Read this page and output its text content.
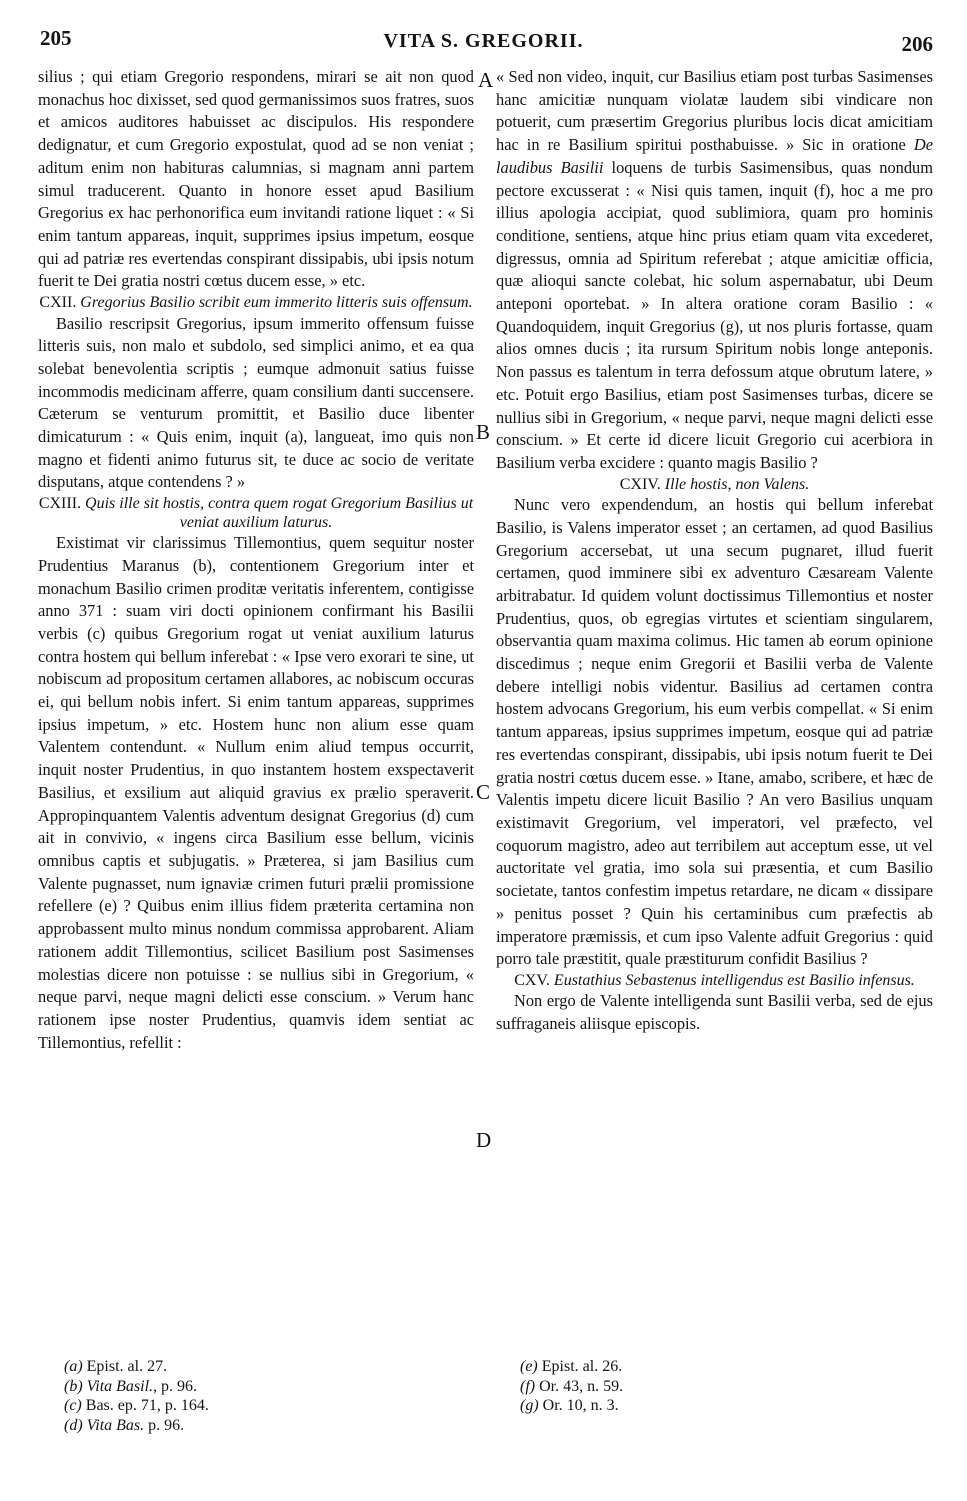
205	VITA S. GREGORII.	206
A
B
C
D

silius ; qui etiam Gregorio respondens, mirari se ait non quod monachus hoc dixisset, sed quod germanissimos suos fratres, suos et amicos auditores habuisset ac discipulos. His respondere dedignatur, et cum Gregorio expostulat, quod ad se non veniat ; aditum enim non habituras calumnias, si magnam anni partem simul traducerent. Quanto in honore esset apud Basilium Gregorius ex hac perhonorifica eum invitandi ratione liquet : « Si enim tantum appareas, inquit, supprimes ipsius impetum, eosque qui ad patriæ res evertendas conspirant dissipabis, ubi ipsis notum fuerit te Dei gratia nostri cœtus ducem esse, » etc.

CXII. Gregorius Basilio scribit eum immerito litteris suis offensum.

Basilio rescripsit Gregorius, ipsum immerito offensum fuisse litteris suis, non malo et subdolo, sed simplici animo, et ea qua solebat benevolentia scriptis ; eumque admonuit satius fuisse incommodis medicinam afferre, quam consilium danti succensere. Cæterum se venturum promittit, et Basilio duce libenter dimicaturum : « Quis enim, inquit (a), langueat, imo quis non magno et fidenti animo futurus sit, te duce ac socio de veritate disputans, atque contendens ? »

CXIII. Quis ille sit hostis, contra quem rogat Gregorium Basilius ut veniat auxilium laturus.

Existimat vir clarissimus Tillemontius, quem sequitur noster Prudentius Maranus (b), contentionem Gregorium inter et monachum Basilio crimen proditæ veritatis inferentem, contigisse anno 371 : suam viri docti opinionem confirmant his Basilii verbis (c) quibus Gregorium rogat ut veniat auxilium laturus contra hostem qui bellum inferebat : « Ipse vero exorari te sine, ut nobiscum ad propositum certamen allabores, ac nobiscum occuras ei, qui bellum nobis infert. Si enim tantum appareas, supprimes ipsius impetum, » etc. Hostem hunc non alium esse quam Valentem contendunt. « Nullum enim aliud tempus occurrit, inquit noster Prudentius, in quo instantem hostem exspectaverit Basilius, et exsilium aut aliquid gravius ex prælio speraverit. Appropinquantem Valentis adventum designat Gregorius (d) cum ait in convivio, « ingens circa Basilium esse bellum, vicinis omnibus captis et subjugatis. » Præterea, si jam Basilius cum Valente pugnasset, num ignaviæ crimen futuri prælii promissione refellere (e) ? Quibus enim illius fidem præterita certamina non approbassent multo minus nondum commissa approbarent. Aliam rationem addit Tillemontius, scilicet Basilium post Sasimenses molestias dicere non potuisse : se nullius sibi in Gregorium, « neque parvi, neque magni delicti esse conscium. » Verum hanc rationem ipse noster Prudentius, quamvis idem sentiat ac Tillemontius, refellit :

« Sed non video, inquit, cur Basilius etiam post turbas Sasimenses hanc amicitiæ nunquam violatæ laudem sibi vindicare non potuerit, cum præsertim Gregorius pluribus locis dicat amicitiam hac in re Basilium spiritui posthabuisse. » Sic in oratione De laudibus Basilii loquens de turbis Sasimensibus, quas nondum pectore excusserat : « Nisi quis tamen, inquit (f), hoc a me pro illius apologia accipiat, quod sublimiora, quam pro hominis conditione, sentiens, atque hinc prius etiam quam vita excederet, digressus, omnia ad Spiritum referebat ; atque amicitiæ officia, quæ alioqui sancte colebat, hic solum aspernabatur, ubi Deum anteponi oportebat. » In altera oratione coram Basilio : « Quandoquidem, inquit Gregorius (g), ut nos pluris fortasse, quam alios omnes ducis ; ita rursum Spiritum nobis longe anteponis. Non passus es talentum in terra defossum atque obrutum latere, » etc. Potuit ergo Basilius, etiam post Sasimenses turbas, dicere se nullius sibi in Gregorium, « neque parvi, neque magni delicti esse conscium. » Et certe id dicere licuit Gregorio cui acerbiora in Basilium verba excidere : quanto magis Basilio ?

CXIV. Ille hostis, non Valens.

Nunc vero expendendum, an hostis qui bellum inferebat Basilio, is Valens imperator esset ; an certamen, ad quod Basilius Gregorium accersebat, ut una secum pugnaret, illud fuerit certamen, quod imminere sibi ex adventuro Cæsaream Valente arbitrabatur. Id quidem volunt doctissimus Tillemontius et noster Prudentius, quos, ob egregias virtutes et scientiam singularem, observantia quam maxima colimus. Hic tamen ab eorum opinione discedimus ; neque enim Gregorii et Basilii verba de Valente debere intelligi nobis videntur. Basilius ad certamen contra hostem advocans Gregorium, his eum verbis compellat. « Si enim tantum appareas, ipsius supprimes impetum, eosque qui ad patriæ res evertendas conspirant, dissipabis, ubi ipsis notum fuerit te Dei gratia nostri cœtus ducem esse. » Itane, amabo, scribere, et hæc de Valentis impetu dicere licuit Basilio ? An vero Basilius unquam existimavit Gregorium, vel imperatori, vel præfecto, vel coquorum magistro, adeo aut terribilem aut acceptum esse, ut vel auctoritate vel gratia, imo sola sui præsentia, et cum Basilio societate, tantos confestim impetus retardare, ne dicam « dissipare » penitus posset ? Quin his certaminibus cum præfectis ab imperatore præmissis, et cum ipso Valente adfuit Gregorius : quid porro tale præstitit, quale præstiturum confidit Basilius ?

CXV. Eustathius Sebastenus intelligendus est Basilio infensus.

Non ergo de Valente intelligenda sunt Basilii verba, sed de ejus suffraganeis aliisque episcopis.

(a) Epist. al. 27.
(b) Vita Basil., p. 96.
(c) Bas. ep. 71, p. 164.
(d) Vita Bas. p. 96.
(e) Epist. al. 26.
(f) Or. 43, n. 59.
(g) Or. 10, n. 3.
